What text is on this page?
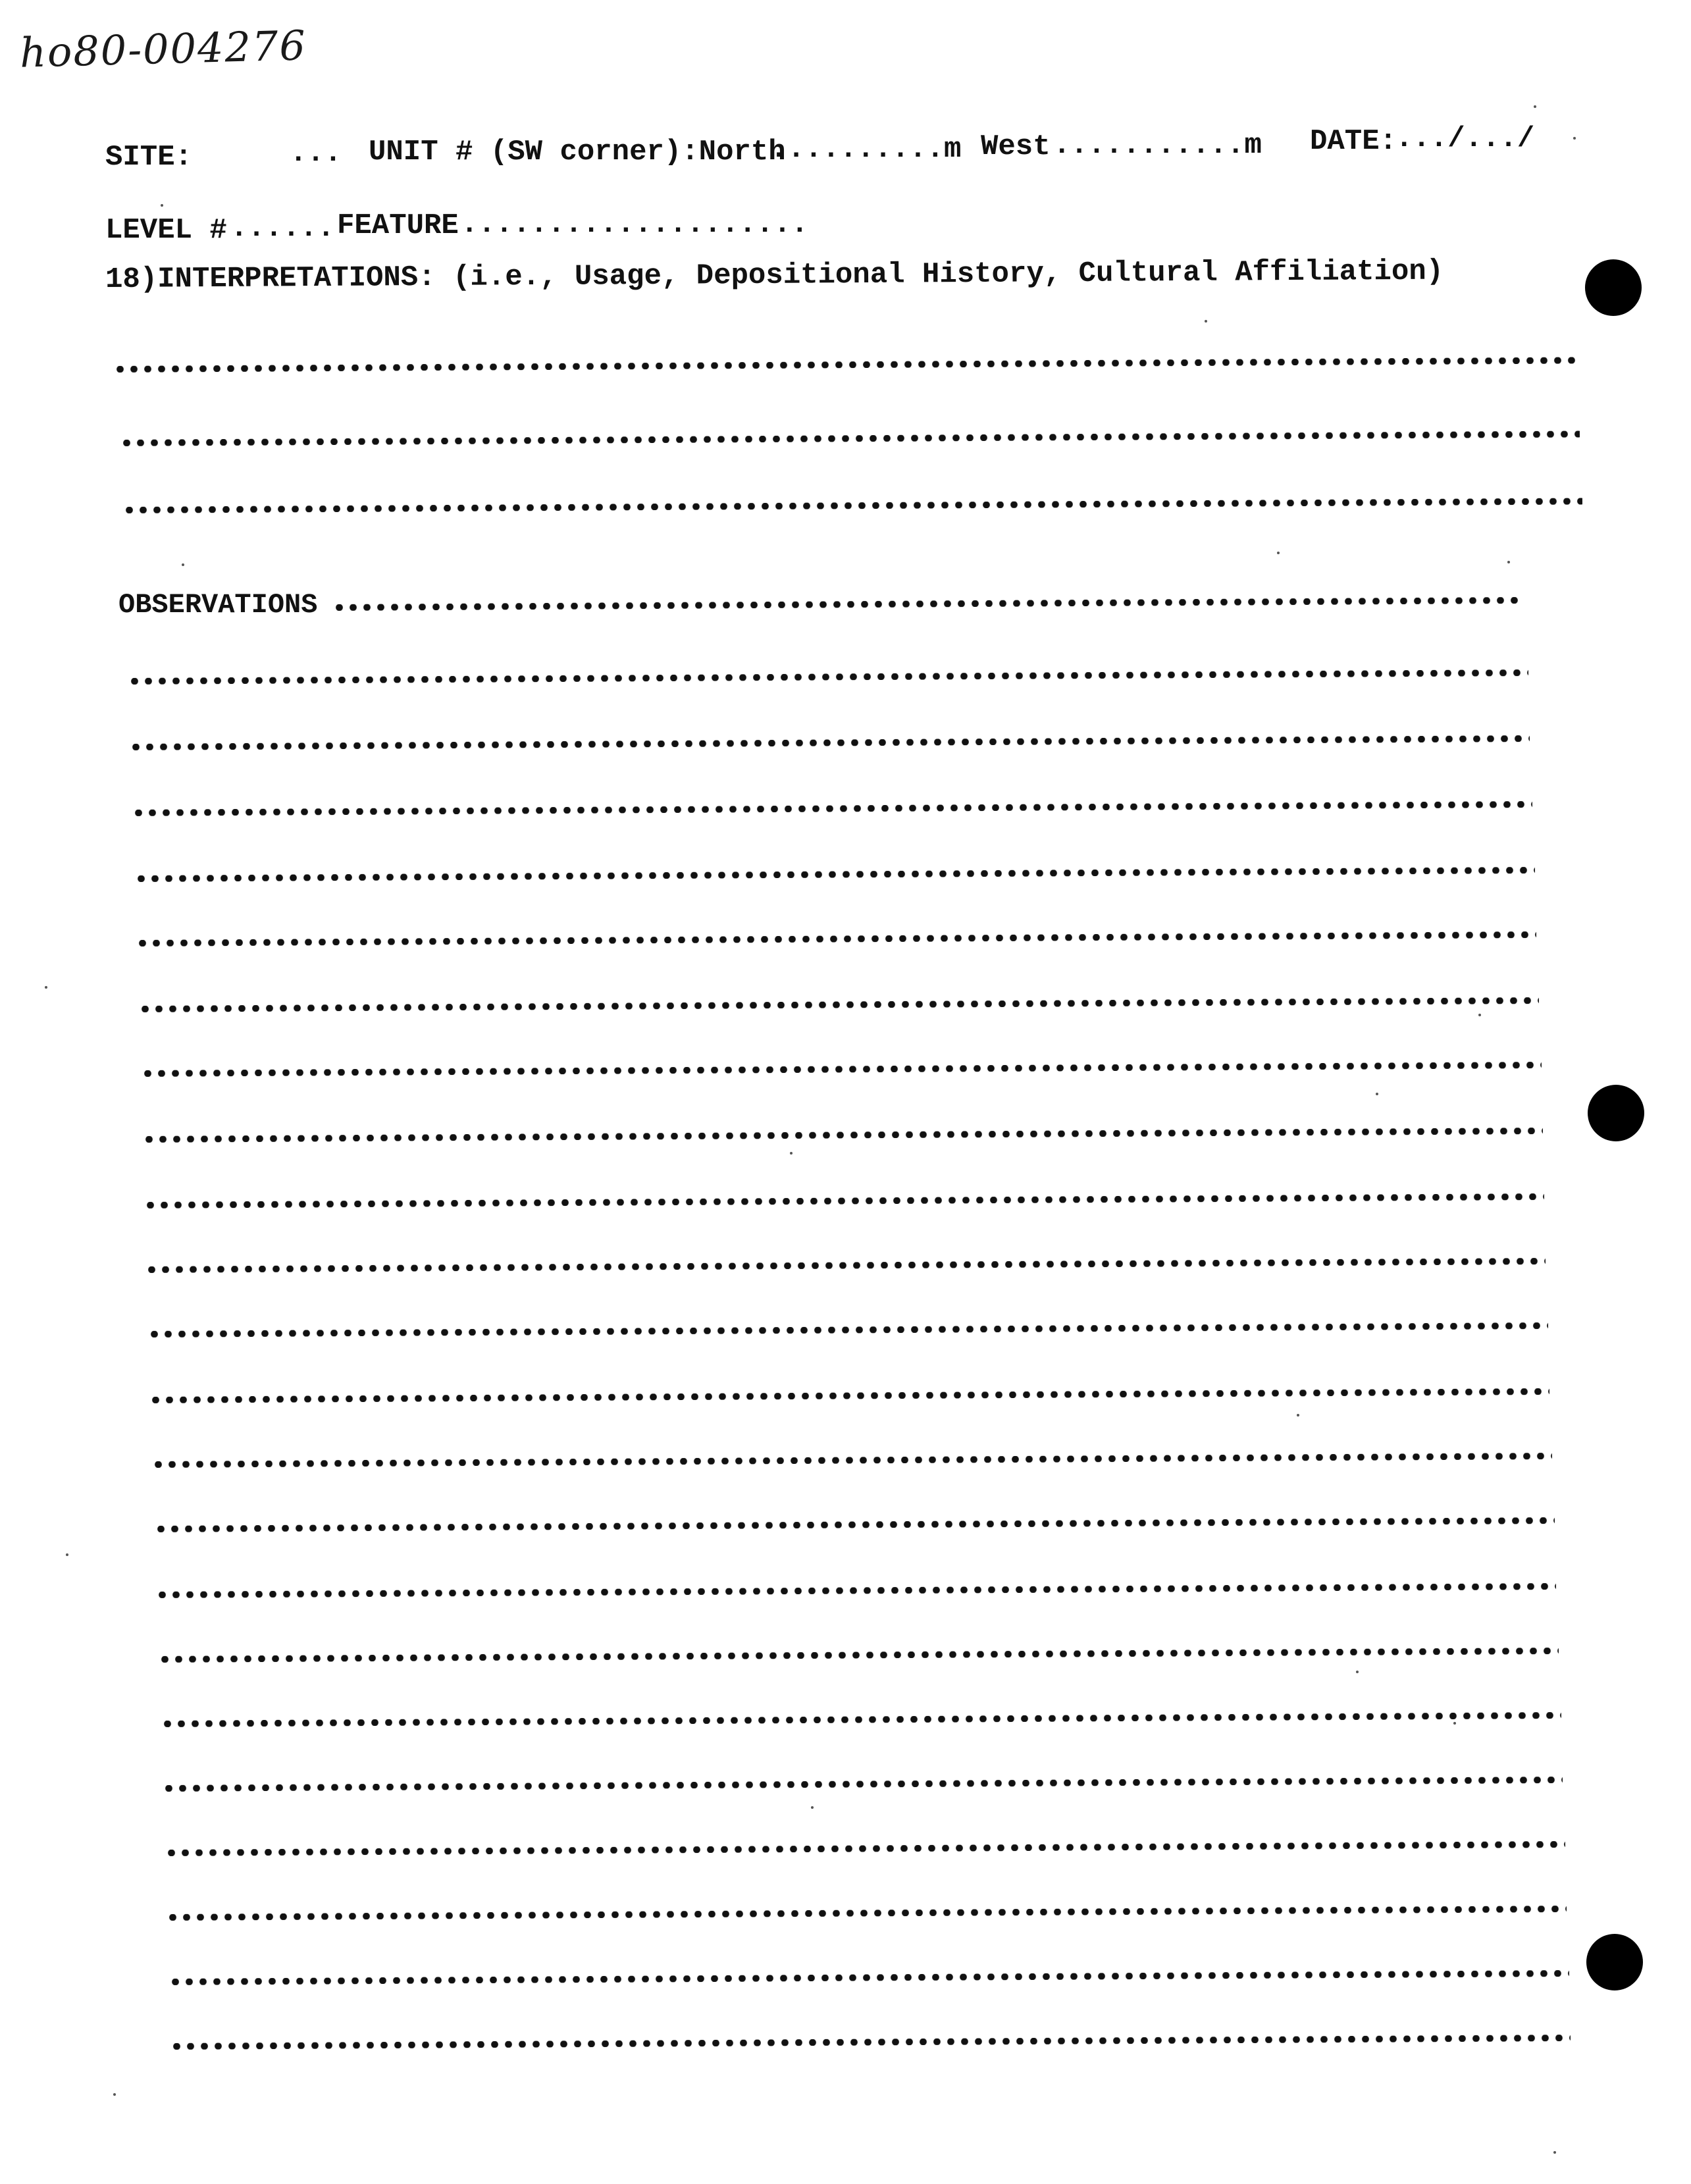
ho80-004276
SITE:	... UNIT # (SW corner):North
..........m West ...........m DATE:
.../.../
LEVEL # ...... FEATURE ....................
18)INTERPRETATIONS: (i.e., Usage, Depositional History, Cultural Affiliation)
OBSERVATIONS
